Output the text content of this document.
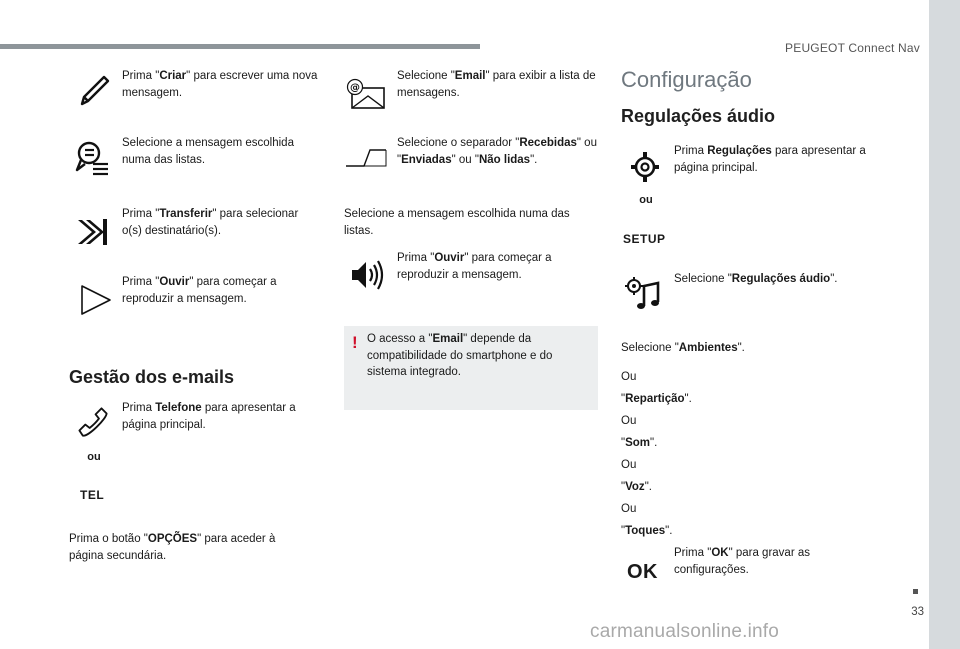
PEUGEOT Connect Nav
33
carmanualsonline.info
Prima "Criar" para escrever uma nova mensagem.
Selecione a mensagem escolhida numa das listas.
Prima "Transferir" para selecionar o(s) destinatário(s).
Prima "Ouvir" para começar a reproduzir a mensagem.
Gestão dos e-mails
ou
TEL
Prima Telefone para apresentar a página principal.
Prima o botão "OPÇÕES" para aceder à página secundária.
@
Selecione "Email" para exibir a lista de mensagens.
Selecione o separador "Recebidas" ou "Enviadas" ou "Não lidas".
Selecione a mensagem escolhida numa das listas.
Prima "Ouvir" para começar a reproduzir a mensagem.
! O acesso a "Email" depende da compatibilidade do smartphone e do sistema integrado.
Configuração
Regulações áudio
ou
SETUP
Prima Regulações para apresentar a página principal.
Selecione "Regulações áudio".
Selecione "Ambientes".
Ou
"Repartição".
Ou
"Som".
Ou
"Voz".
Ou
"Toques".
OK
Prima "OK" para gravar as configurações.
